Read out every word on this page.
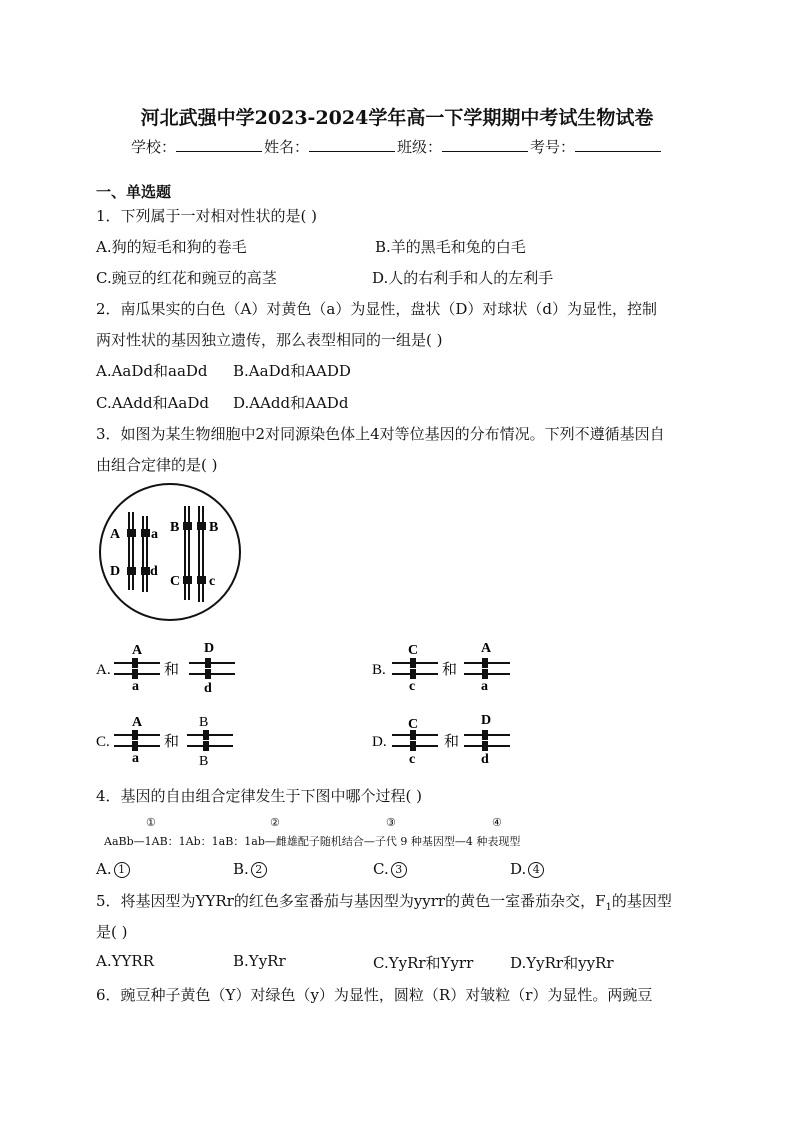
河北武强中学2023-2024学年高一下学期期中考试生物试卷
学校：	姓名：	班级：	考号：
一、单选题
1．下列属于一对相对性状的是( )
A.狗的短毛和狗的卷毛	B.羊的黑毛和兔的白毛
C.豌豆的红花和豌豆的高茎	D.人的右利手和人的左利手
2．南瓜果实的白色（A）对黄色（a）为显性，盘状（D）对球状（d）为显性，控制
两对性状的基因独立遗传，那么表型相同的一组是( )
A.AaDd和aaDd B.AaDd和AADD
C.AAdd和AaDd D.AAdd和AADd
3．如图为某生物细胞中2对同源染色体上4对等位基因的分布情况。下列不遵循基因自
由组合定律的是( )
A a
D d
B B
C c
A.
A
a
和
D
d
B.
C
c
和
A
a
C.
A
a
和
B
B
D.
C
c
和
D
d
4．基因的自由组合定律发生于下图中哪个过程( )
①	②	③	④
AaBb—1AB：1Ab：1aB：1ab—雌雄配子随机结合—子代 9 种基因型—4 种表现型
A. 1	B. 2	C. 3	D. 4
5．将基因型为YYRr的红色多室番茄与基因型为yyrr的黄色一室番茄杂交，$F_1$的基因型
是( )
A.YYRR	B.YyRr	C.YyRr和Yyrr D.YyRr和yyRr
6．豌豆种子黄色（Y）对绿色（y）为显性，圆粒（R）对皱粒（r）为显性。两豌豆
